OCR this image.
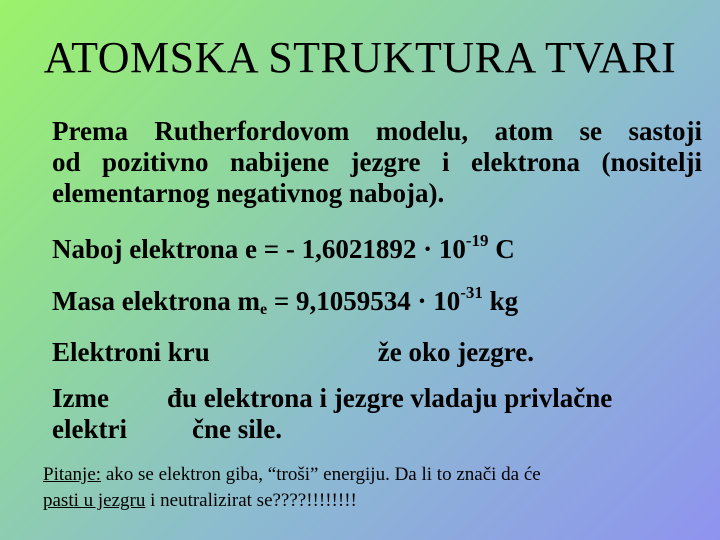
ATOMSKA STRUKTURA TVARI
Prema Rutherfordovom modelu, atom se sastoji
od pozitivno nabijene jezgre i elektrona (nositelji
elementarnog negativnog naboja).
Naboj elektrona e = - $1,6021892 \cdot 10^{-19}$ C
Masa elektrona $m_e = 9,1059534 \cdot 10^{-31}$ kg
Elektroni kru	že oko jezgre.
Izme đu elektrona i jezgre vladaju privlačne
elektri čne sile.
Pitanje: ako se elektron giba, “troši” energiju. Da li to znači da će
pasti u jezgru i neutralizirat se????!!!!!!!!
